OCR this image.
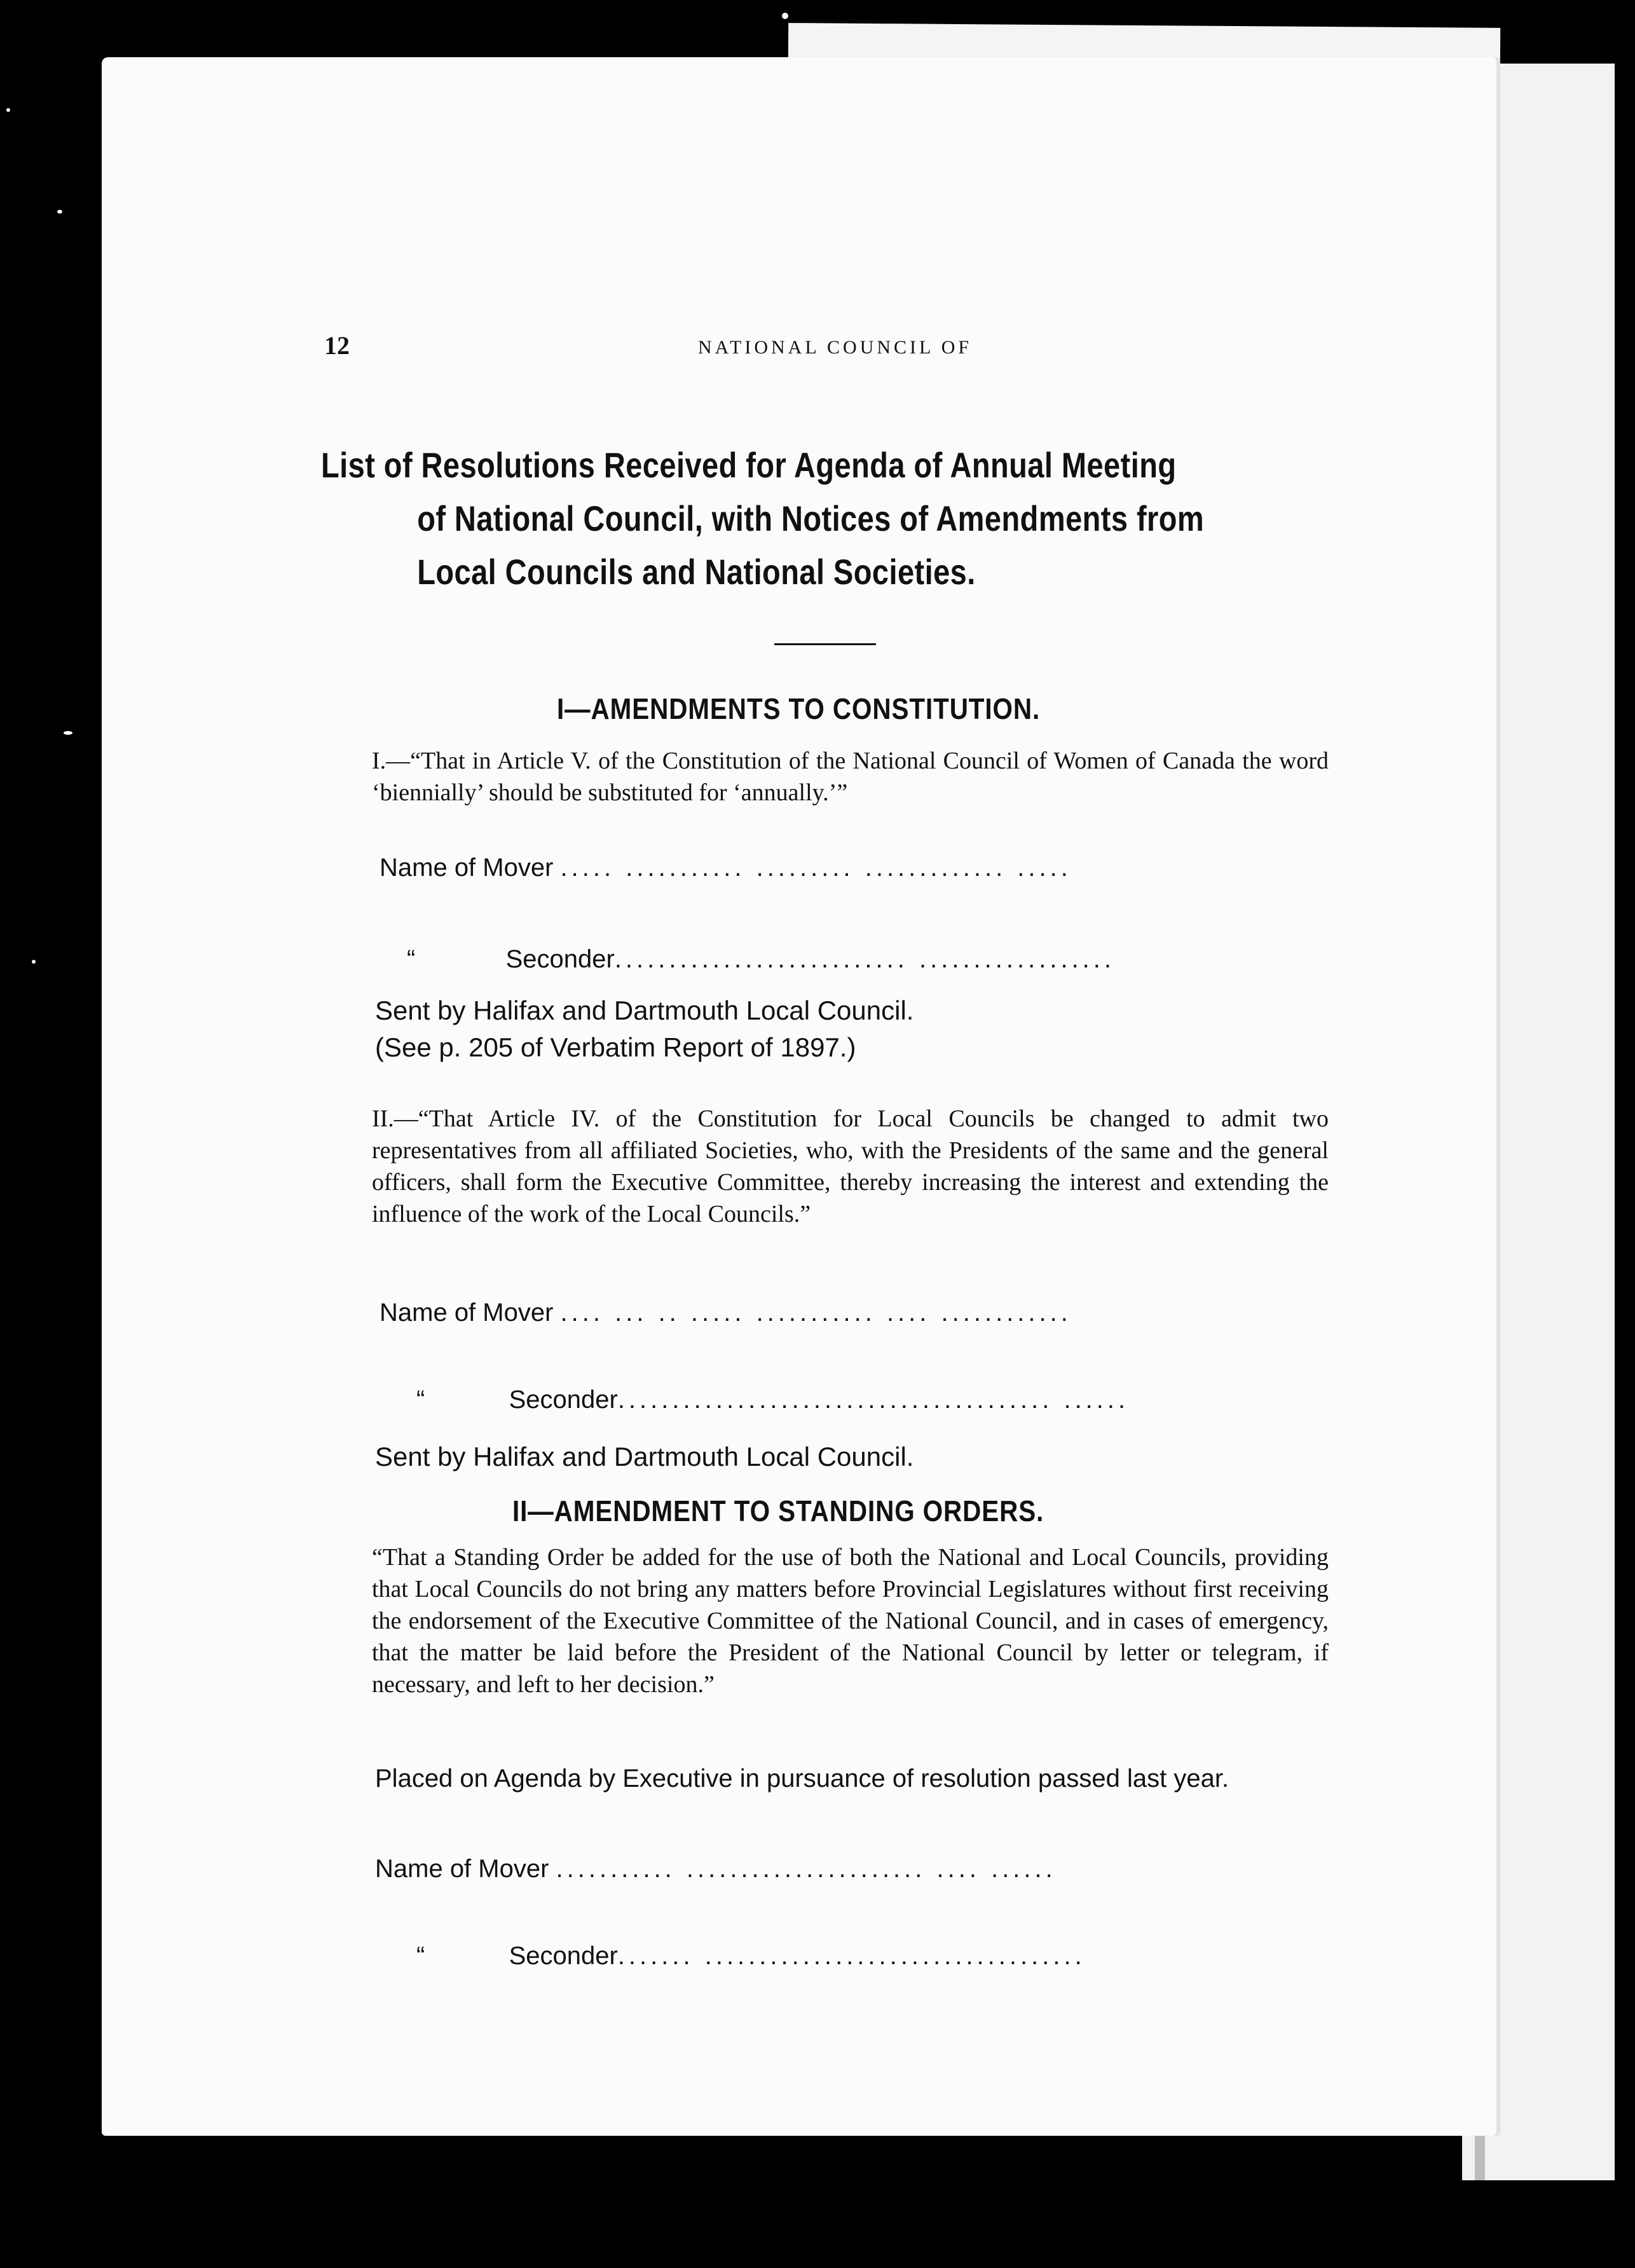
12	NATIONAL COUNCIL OF
List of Resolutions Received for Agenda of Annual Meeting
of National Council, with Notices of Amendments from
Local Councils and National Societies.
I—AMENDMENTS TO CONSTITUTION.
I.—“That in Article V. of the Constitution of the National Council of Women of Canada the word ‘biennially’ should be substituted for ‘annually.’”
Name of Mover ..... ........... ......... ............. .....
“	Seconder........................... ..................
Sent by Halifax and Dartmouth Local Council.
(See p. 205 of Verbatim Report of 1897.)
II.—“That Article IV. of the Constitution for Local Councils be changed to admit two representatives from all affiliated Societies, who, with the Presidents of the same and the general officers, shall form the Executive Committee, thereby increasing the interest and extending the influence of the work of the Local Councils.”
Name of Mover .... ... .. ..... ........... .... ............
“	Seconder........................................ ......
Sent by Halifax and Dartmouth Local Council.
II—AMENDMENT TO STANDING ORDERS.
“That a Standing Order be added for the use of both the National and Local Councils, providing that Local Councils do not bring any matters before Provincial Legislatures without first receiving the endorsement of the Executive Committee of the National Council, and in cases of emergency, that the matter be laid before the President of the National Council by letter or telegram, if necessary, and left to her decision.”
Placed on Agenda by Executive in pursuance of resolution passed last year.
Name of Mover ........... ...................... .... ......
“	Seconder....... ...................................
